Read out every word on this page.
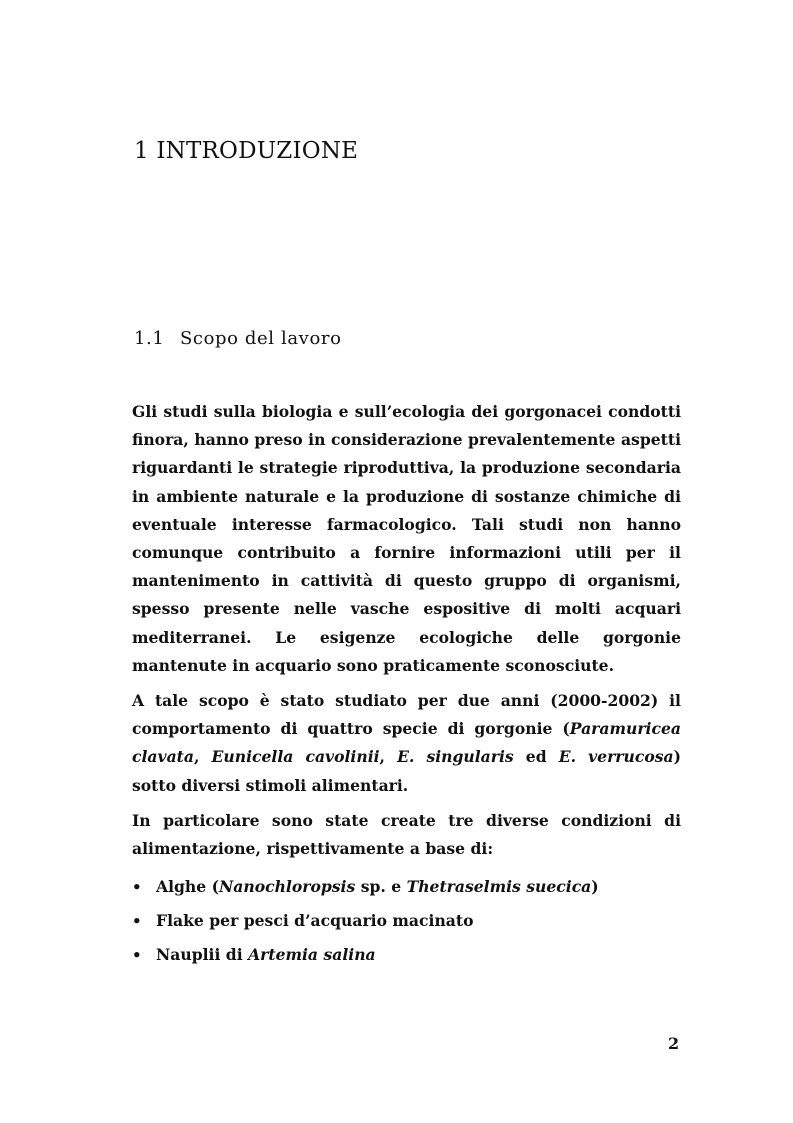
1 INTRODUZIONE
1.1 Scopo del lavoro

Gli studi sulla biologia e sull’ecologia dei gorgonacei condotti finora, hanno preso in considerazione prevalentemente aspetti riguardanti le strategie riproduttiva, la produzione secondaria in ambiente naturale e la produzione di sostanze chimiche di eventuale interesse farmacologico. Tali studi non hanno comunque contribuito a fornire informazioni utili per il mantenimento in cattività di questo gruppo di organismi, spesso presente nelle vasche espositive di molti acquari mediterranei. Le esigenze ecologiche delle gorgonie mantenute in acquario sono praticamente sconosciute.

A tale scopo è stato studiato per due anni (2000-2002) il comportamento di quattro specie di gorgonie (Paramuricea clavata, Eunicella cavolinii, E. singularis ed E. verrucosa) sotto diversi stimoli alimentari.

In particolare sono state create tre diverse condizioni di alimentazione, rispettivamente a base di:

• Alghe (Nanochloropsis sp. e Thetraselmis suecica)
• Flake per pesci d’acquario macinato
• Nauplii di Artemia salina
2
